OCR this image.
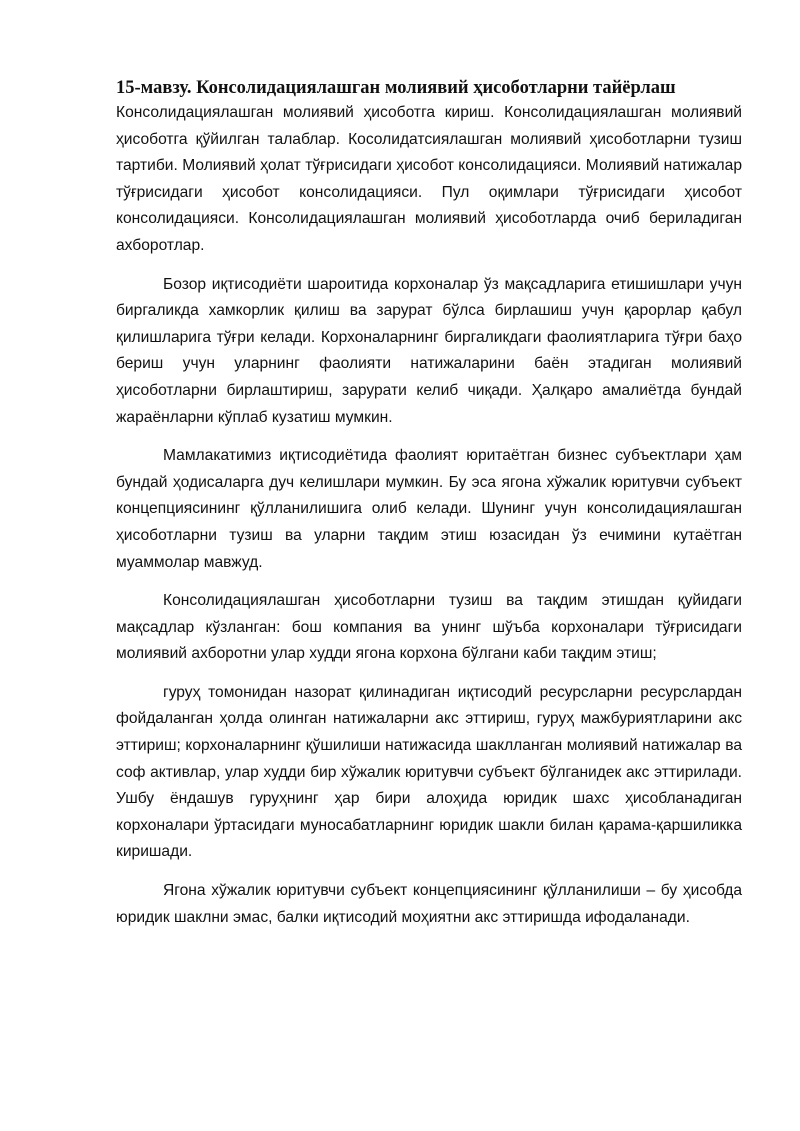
15-мавзу. Консолидациялашган молиявий ҳисоботларни тайёрлаш

Консолидациялашган молиявий ҳисоботга кириш. Консолидациялашган молиявий ҳисоботга қўйилган талаблар. Косолидатсиялашган молиявий ҳисоботларни тузиш тартиби. Молиявий ҳолат тўғрисидаги ҳисобот консолидацияси. Молиявий натижалар тўғрисидаги ҳисобот консолидацияси. Пул оқимлари тўғрисидаги ҳисобот консолидацияси. Консолидациялашган молиявий ҳисоботларда очиб бериладиган ахборотлар.

Бозор иқтисодиёти шароитида корхоналар ўз мақсадларига етишишлари учун биргаликда хамкорлик қилиш ва зарурат бўлса бирлашиш учун қарорлар қабул қилишларига тўғри келади. Корхоналарнинг биргаликдаги фаолиятларига тўғри баҳо бериш учун уларнинг фаолияти натижаларини баён этадиган молиявий ҳисоботларни бирлаштириш, зарурати келиб чиқади. Ҳалқаро амалиётда бундай жараёнларни кўплаб кузатиш мумкин.

Мамлакатимиз иқтисодиётида фаолият юритаётган бизнес субъектлари ҳам бундай ҳодисаларга дуч келишлари мумкин. Бу эса ягона хўжалик юритувчи субъект концепциясининг қўлланилишига олиб келади. Шунинг учун консолидациялашган ҳисоботларни тузиш ва уларни тақдим этиш юзасидан ўз ечимини кутаётган муаммолар мавжуд.

Консолидациялашган ҳисоботларни тузиш ва тақдим этишдан қуйидаги мақсадлар кўзланган: бош компания ва унинг шўъба корхоналари тўғрисидаги молиявий ахборотни улар худди ягона корхона бўлгани каби тақдим этиш;

гуруҳ томонидан назорат қилинадиган иқтисодий ресурсларни ресурслардан фойдаланган ҳолда олинган натижаларни акс эттириш, гуруҳ мажбуриятларини акс эттириш; корхоналарнинг қўшилиши натижасида шаклланган молиявий натижалар ва соф активлар, улар худди бир хўжалик юритувчи субъект бўлганидек акс эттирилади. Ушбу ёндашув гуруҳнинг ҳар бири алоҳида юридик шахс ҳисобланадиган корхоналари ўртасидаги муносабатларнинг юридик шакли билан қарама-қаршиликка киришади.

Ягона хўжалик юритувчи субъект концепциясининг қўлланилиши – бу ҳисобда юридик шаклни эмас, балки иқтисодий моҳиятни акс эттиришда ифодаланади.
